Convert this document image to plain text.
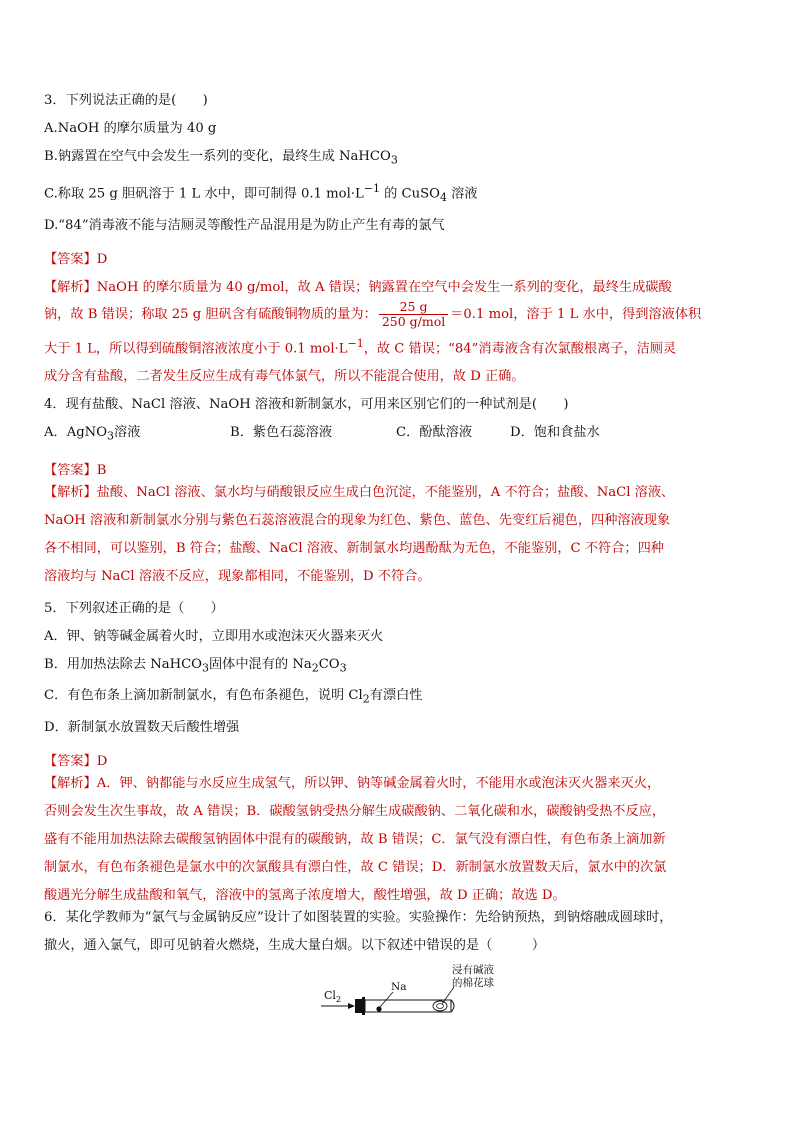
3．下列说法正确的是(　　)
A.NaOH 的摩尔质量为 40 g
B.钠露置在空气中会发生一系列的变化，最终生成 NaHCO$_3$
C.称取 25 g 胆矾溶于 1 L 水中，即可制得 0.1 $mol\cdot L^{-1}$ 的 CuSO$_4$ 溶液
D.“84”消毒液不能与洁厕灵等酸性产品混用是为防止产生有毒的氯气
【答案】D
【解析】NaOH 的摩尔质量为 40 g/mol，故 A 错误；钠露置在空气中会发生一系列的变化，最终生成碳酸
钠，故 B 错误；称取 25 g 胆矾含有硫酸铜物质的量为： $\frac{25 g}{\text{250 g/mol}} =0.1$ mol，溶于 1 L 水中，得到溶液体积
大于 1 L，所以得到硫酸铜溶液浓度小于 0.1 $mol\cdot L^{-1}$，故 C 错误；“84”消毒液含有次氯酸根离子，洁厕灵
成分含有盐酸，二者发生反应生成有毒气体氯气，所以不能混合使用，故 D 正确。
4．现有盐酸、NaCl 溶液、NaOH 溶液和新制氯水，可用来区别它们的一种试剂是(　　)
A．AgNO$_3$溶液	B．紫色石蕊溶液	C．酚酞溶液	D．饱和食盐水
【答案】B
【解析】盐酸、NaCl 溶液、氯水均与硝酸银反应生成白色沉淀，不能鉴别，A 不符合；盐酸、NaCl 溶液、
NaOH 溶液和新制氯水分别与紫色石蕊溶液混合的现象为红色、紫色、蓝色、先变红后褪色，四种溶液现象
各不相同，可以鉴别，B 符合；盐酸、NaCl 溶液、新制氯水均遇酚酞为无色，不能鉴别，C 不符合；四种
溶液均与 NaCl 溶液不反应，现象都相同，不能鉴别，D 不符合。
5．下列叙述正确的是（　　）
A．钾、钠等碱金属着火时，立即用水或泡沫灭火器来灭火
B．用加热法除去 NaHCO$_3$固体中混有的 $Na_2CO_3$
C．有色布条上滴加新制氯水，有色布条褪色，说明 $Cl_2$有漂白性
D．新制氯水放置数天后酸性增强
【答案】D
【解析】A．钾、钠都能与水反应生成氢气，所以钾、钠等碱金属着火时，不能用水或泡沫灭火器来灭火，
否则会发生次生事故，故 A 错误；B．碳酸氢钠受热分解生成碳酸钠、二氧化碳和水，碳酸钠受热不反应，
盛有不能用加热法除去碳酸氢钠固体中混有的碳酸钠，故 B 错误；C．氯气没有漂白性，有色布条上滴加新
制氯水，有色布条褪色是氯水中的次氯酸具有漂白性，故 C 错误；D．新制氯水放置数天后，氯水中的次氯
酸遇光分解生成盐酸和氧气，溶液中的氢离子浓度增大，酸性增强，故 D 正确；故选 D。
6．某化学教师为“氯气与金属钠反应”设计了如图装置的实验。实验操作：先给钠预热，到钠熔融成圆球时，
撤火，通入氯气，即可见钠着火燃烧，生成大量白烟。以下叙述中错误的是（　　　）
$Cl_2$
Na
浸有碱液
的棉花球
